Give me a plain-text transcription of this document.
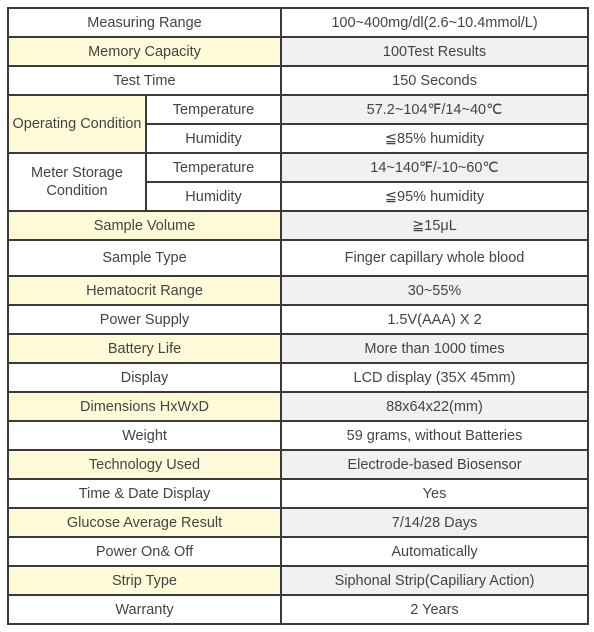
Measuring Range		100~400mg/dl(2.6~10.4mmol/L)
Memory Capacity		100Test Results
Test Time		150 Seconds
Operating Condition	Temperature	57.2~104℉/14~40℃
	Humidity	≦85% humidity
Meter Storage Condition	Temperature	14~140℉/-10~60℃
	Humidity	≦95% humidity
Sample Volume		≧15μL
Sample Type		Finger capillary whole blood
Hematocrit Range		30~55%
Power Supply		1.5V(AAA) X 2
Battery Life		More than 1000 times
Display		LCD display (35X 45mm)
Dimensions HxWxD		88x64x22(mm)
Weight		59 grams, without Batteries
Technology Used		Electrode-based Biosensor
Time & Date Display		Yes
Glucose Average Result		7/14/28 Days
Power On& Off		Automatically
Strip Type		Siphonal Strip(Capiliary Action)
Warranty		2 Years
